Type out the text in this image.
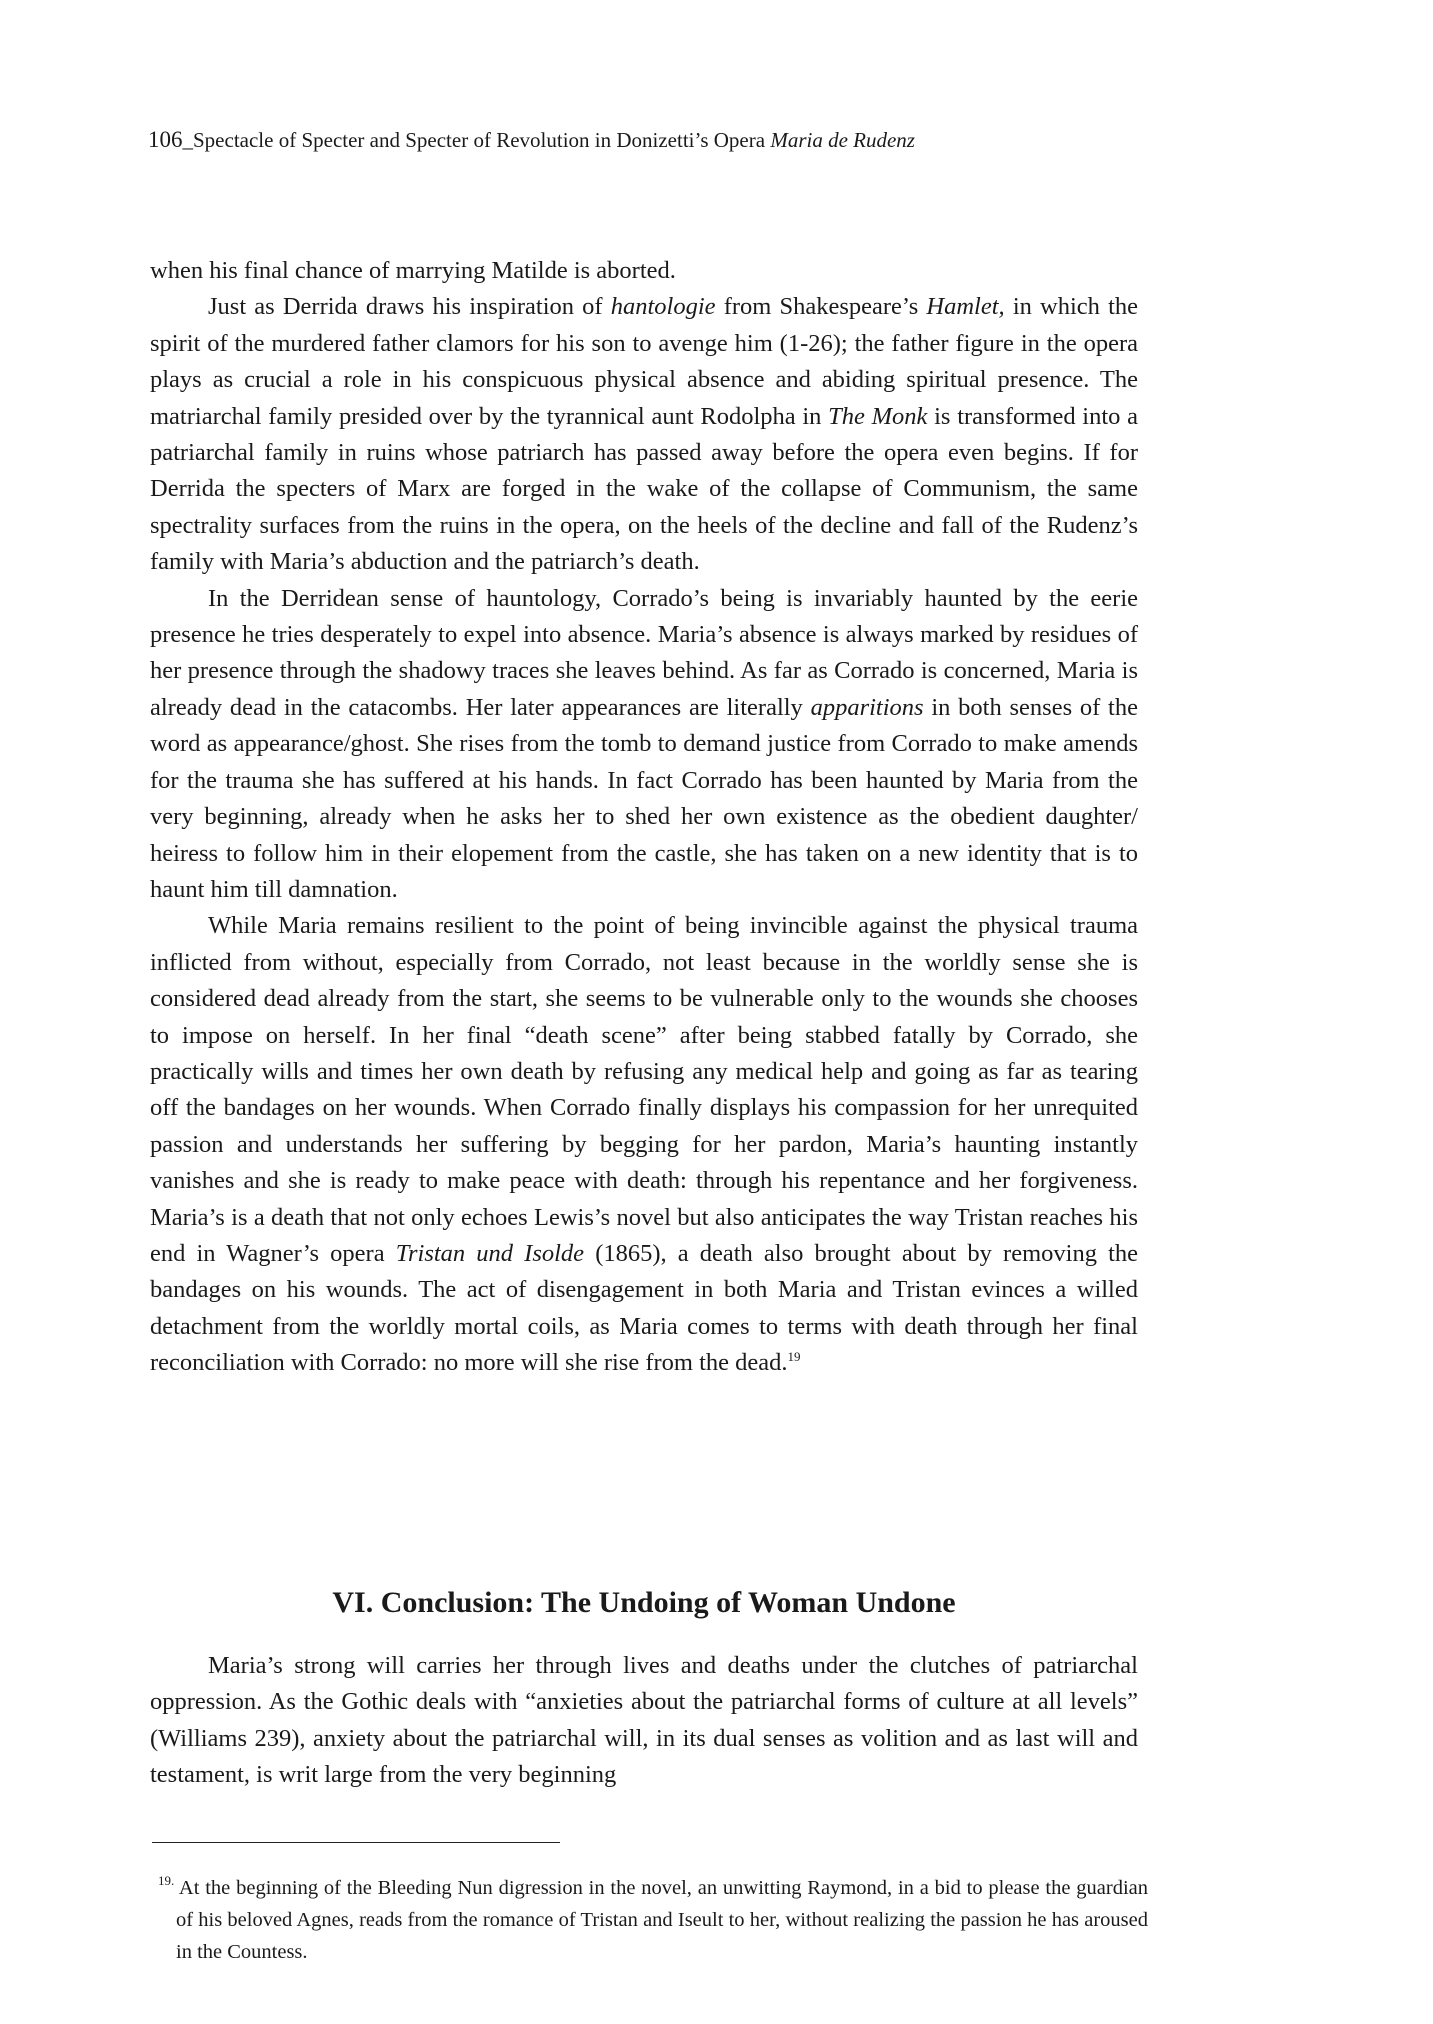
106_Spectacle of Specter and Specter of Revolution in Donizetti’s Opera Maria de Rudenz

when his final chance of marrying Matilde is aborted.

Just as Derrida draws his inspiration of hantologie from Shakespeare’s Hamlet, in which the spirit of the murdered father clamors for his son to avenge him (1-26); the father figure in the opera plays as crucial a role in his conspicuous physical absence and abiding spiritual presence. The matriarchal family presided over by the tyrannical aunt Rodolpha in The Monk is transformed into a patriarchal family in ruins whose patriarch has passed away before the opera even begins. If for Derrida the specters of Marx are forged in the wake of the collapse of Communism, the same spectrality surfaces from the ruins in the opera, on the heels of the decline and fall of the Rudenz’s family with Maria’s abduction and the patriarch’s death.

In the Derridean sense of hauntology, Corrado’s being is invariably haunted by the eerie presence he tries desperately to expel into absence. Maria’s absence is always marked by residues of her presence through the shadowy traces she leaves behind. As far as Corrado is concerned, Maria is already dead in the catacombs. Her later appearances are literally apparitions in both senses of the word as appearance/ghost. She rises from the tomb to demand justice from Corrado to make amends for the trauma she has suffered at his hands. In fact Corrado has been haunted by Maria from the very beginning, already when he asks her to shed her own existence as the obedient daughter/ heiress to follow him in their elopement from the castle, she has taken on a new identity that is to haunt him till damnation.

While Maria remains resilient to the point of being invincible against the physical trauma inflicted from without, especially from Corrado, not least because in the worldly sense she is considered dead already from the start, she seems to be vulnerable only to the wounds she chooses to impose on herself. In her final “death scene” after being stabbed fatally by Corrado, she practically wills and times her own death by refusing any medical help and going as far as tearing off the bandages on her wounds. When Corrado finally displays his compassion for her unrequited passion and understands her suffering by begging for her pardon, Maria’s haunting instantly vanishes and she is ready to make peace with death: through his repentance and her forgiveness. Maria’s is a death that not only echoes Lewis’s novel but also anticipates the way Tristan reaches his end in Wagner’s opera Tristan und Isolde (1865), a death also brought about by removing the bandages on his wounds. The act of disengagement in both Maria and Tristan evinces a willed detachment from the worldly mortal coils, as Maria comes to terms with death through her final reconciliation with Corrado: no more will she rise from the dead.$^{19}$

VI. Conclusion: The Undoing of Woman Undone

Maria’s strong will carries her through lives and deaths under the clutches of patriarchal oppression. As the Gothic deals with “anxieties about the patriarchal forms of culture at all levels” (Williams 239), anxiety about the patriarchal will, in its dual senses as volition and as last will and testament, is writ large from the very beginning

$^{19.}$ At the beginning of the Bleeding Nun digression in the novel, an unwitting Raymond, in a bid to please the guardian of his beloved Agnes, reads from the romance of Tristan and Iseult to her, without realizing the passion he has aroused in the Countess.
